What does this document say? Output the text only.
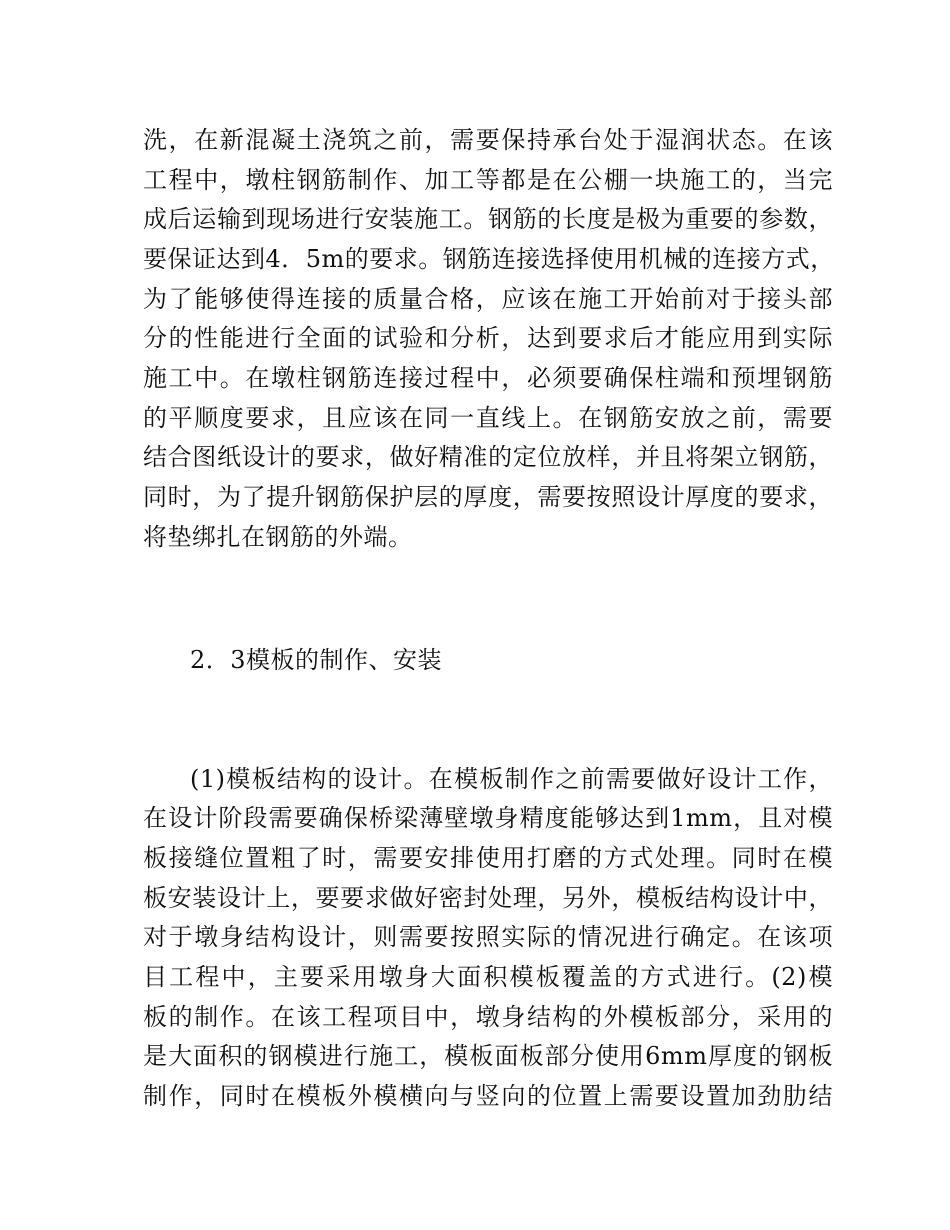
洗，在新混凝土浇筑之前，需要保持承台处于湿润状态。在该
工程中，墩柱钢筋制作、加工等都是在公棚一块施工的，当完
成后运输到现场进行安装施工。钢筋的长度是极为重要的参数，
要保证达到4．5m的要求。钢筋连接选择使用机械的连接方式，
为了能够使得连接的质量合格，应该在施工开始前对于接头部
分的性能进行全面的试验和分析，达到要求后才能应用到实际
施工中。在墩柱钢筋连接过程中，必须要确保柱端和预埋钢筋
的平顺度要求，且应该在同一直线上。在钢筋安放之前，需要
结合图纸设计的要求，做好精准的定位放样，并且将架立钢筋，
同时，为了提升钢筋保护层的厚度，需要按照设计厚度的要求，
将垫绑扎在钢筋的外端。
2．3模板的制作、安装
(1)模板结构的设计。在模板制作之前需要做好设计工作，
在设计阶段需要确保桥梁薄壁墩身精度能够达到1mm，且对模
板接缝位置粗了时，需要安排使用打磨的方式处理。同时在模
板安装设计上，要要求做好密封处理，另外，模板结构设计中，
对于墩身结构设计，则需要按照实际的情况进行确定。在该项
目工程中，主要采用墩身大面积模板覆盖的方式进行。(2)模
板的制作。在该工程项目中，墩身结构的外模板部分，采用的
是大面积的钢模进行施工，模板面板部分使用6mm厚度的钢板
制作，同时在模板外模横向与竖向的位置上需要设置加劲肋结
